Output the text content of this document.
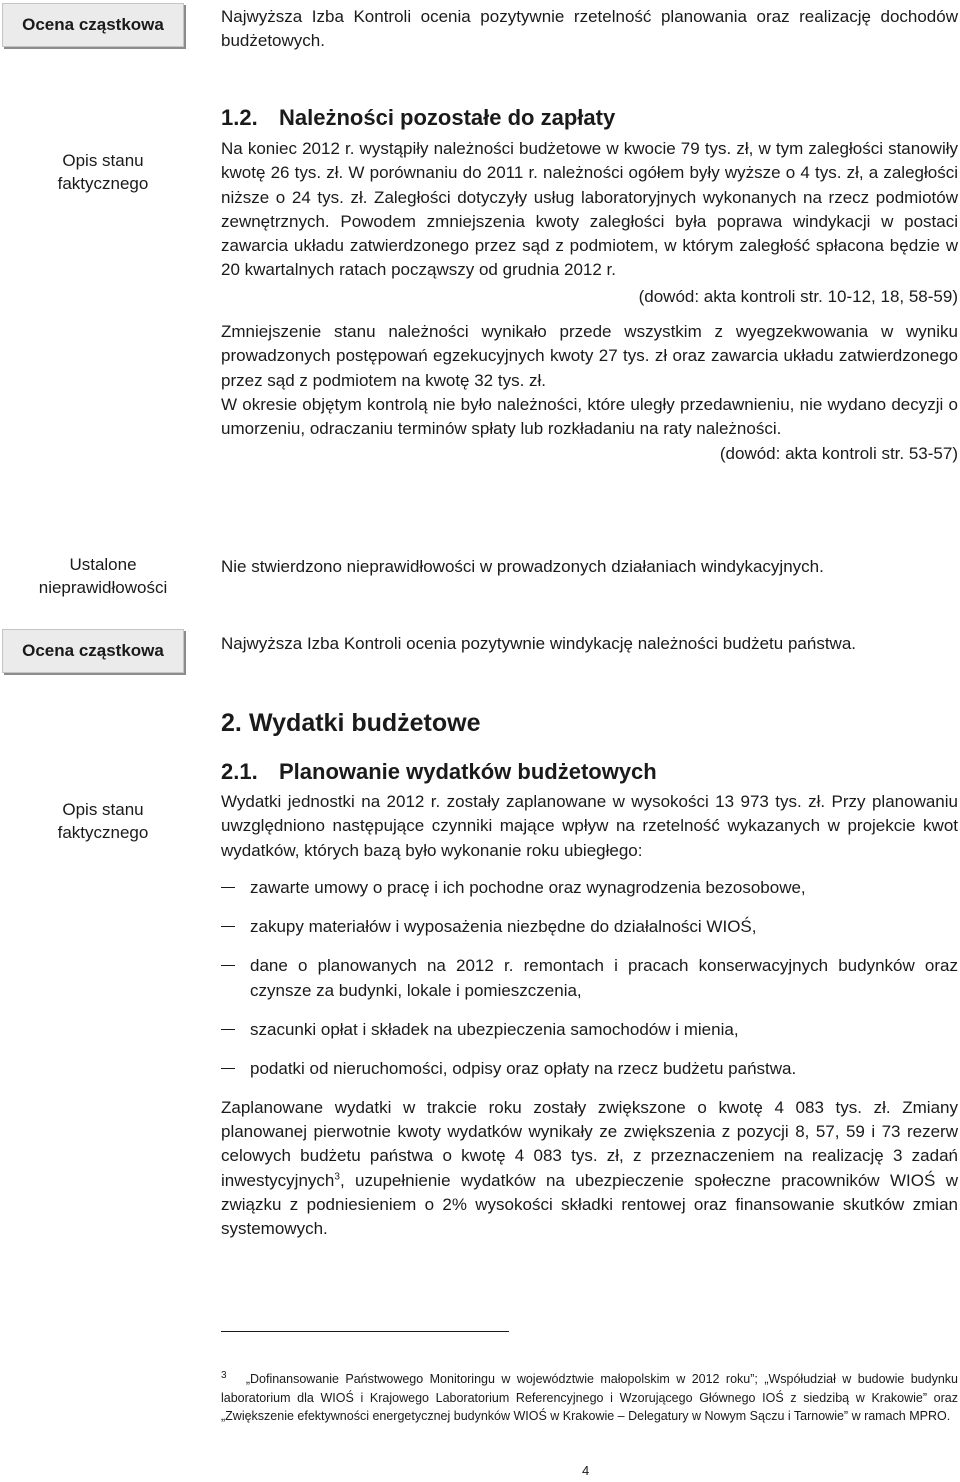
Ocena cząstkowa	Najwyższa Izba Kontroli ocenia pozytywnie rzetelność planowania oraz realizację dochodów budżetowych.

Opis stanu
faktycznego
1.2. Należności pozostałe do zapłaty

Na koniec 2012 r. wystąpiły należności budżetowe w kwocie 79 tys. zł, w tym zaległości stanowiły kwotę 26 tys. zł. W porównaniu do 2011 r. należności ogółem były wyższe o 4 tys. zł, a zaległości niższe o 24 tys. zł. Zaległości dotyczyły usług laboratoryjnych wykonanych na rzecz podmiotów zewnętrznych. Powodem zmniejszenia kwoty zaległości była poprawa windykacji w postaci zawarcia układu zatwierdzonego przez sąd z podmiotem, w którym zaległość spłacona będzie w 20 kwartalnych ratach począwszy od grudnia 2012 r.

(dowód: akta kontroli str. 10-12, 18, 58-59)

Zmniejszenie stanu należności wynikało przede wszystkim z wyegzekwowania w wyniku prowadzonych postępowań egzekucyjnych kwoty 27 tys. zł oraz zawarcia układu zatwierdzonego przez sąd z podmiotem na kwotę 32 tys. zł.

W okresie objętym kontrolą nie było należności, które uległy przedawnieniu, nie wydano decyzji o umorzeniu, odraczaniu terminów spłaty lub rozkładaniu na raty należności.

(dowód: akta kontroli str. 53-57)

Ustalone
nieprawidłowości

Nie stwierdzono nieprawidłowości w prowadzonych działaniach windykacyjnych.

Ocena cząstkowa	Najwyższa Izba Kontroli ocenia pozytywnie windykację należności budżetu państwa.

Opis stanu
faktycznego
2. Wydatki budżetowe
2.1. Planowanie wydatków budżetowych

Wydatki jednostki na 2012 r. zostały zaplanowane w wysokości 13 973 tys. zł. Przy planowaniu uwzględniono następujące czynniki mające wpływ na rzetelność wykazanych w projekcie kwot wydatków, których bazą było wykonanie roku ubiegłego:

zawarte umowy o pracę i ich pochodne oraz wynagrodzenia bezosobowe,
zakupy materiałów i wyposażenia niezbędne do działalności WIOŚ,
dane o planowanych na 2012 r. remontach i pracach konserwacyjnych budynków oraz czynsze za budynki, lokale i pomieszczenia,
szacunki opłat i składek na ubezpieczenia samochodów i mienia,
podatki od nieruchomości, odpisy oraz opłaty na rzecz budżetu państwa.

Zaplanowane wydatki w trakcie roku zostały zwiększone o kwotę 4 083 tys. zł. Zmiany planowanej pierwotnie kwoty wydatków wynikały ze zwiększenia z pozycji 8, 57, 59 i 73 rezerw celowych budżetu państwa o kwotę 4 083 tys. zł, z przeznaczeniem na realizację 3 zadań inwestycyjnych$^3$, uzupełnienie wydatków na ubezpieczenie społeczne pracowników WIOŚ w związku z podniesieniem o 2% wysokości składki rentowej oraz finansowanie skutków zmian systemowych.

$^3$ „Dofinansowanie Państwowego Monitoringu w województwie małopolskim w 2012 roku”; „Współudział w budowie budynku laboratorium dla WIOŚ i Krajowego Laboratorium Referencyjnego i Wzorującego Głównego IOŚ z siedzibą w Krakowie” oraz „Zwiększenie efektywności energetycznej budynków WIOŚ w Krakowie – Delegatury w Nowym Sączu i Tarnowie” w ramach MPRO.
4
